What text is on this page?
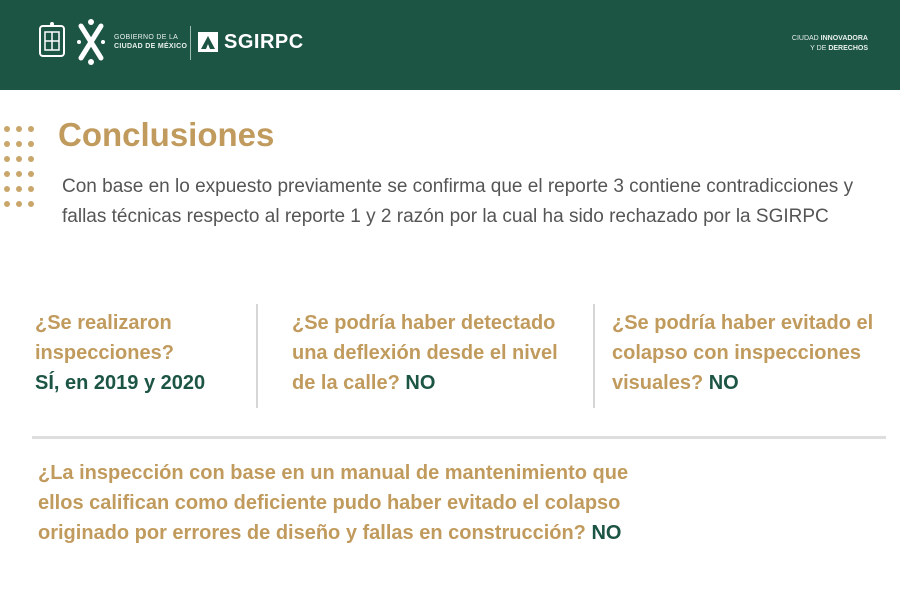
GOBIERNO DE LA
CIUDAD DE MÉXICO SGIRPC	CIUDAD INNOVADORA
Y DE DERECHOS
Conclusiones
Con base en lo expuesto previamente se confirma que el reporte 3 contiene contradicciones y fallas técnicas respecto al reporte 1 y 2 razón por la cual ha sido rechazado por la SGIRPC
¿Se realizaron inspecciones?
SÍ, en 2019 y 2020
¿Se podría haber detectado una deflexión desde el nivel de la calle? NO
¿Se podría haber evitado el colapso con inspecciones visuales? NO
¿La inspección con base en un manual de mantenimiento que ellos califican como deficiente pudo haber evitado el colapso originado por errores de diseño y fallas en construcción? NO
